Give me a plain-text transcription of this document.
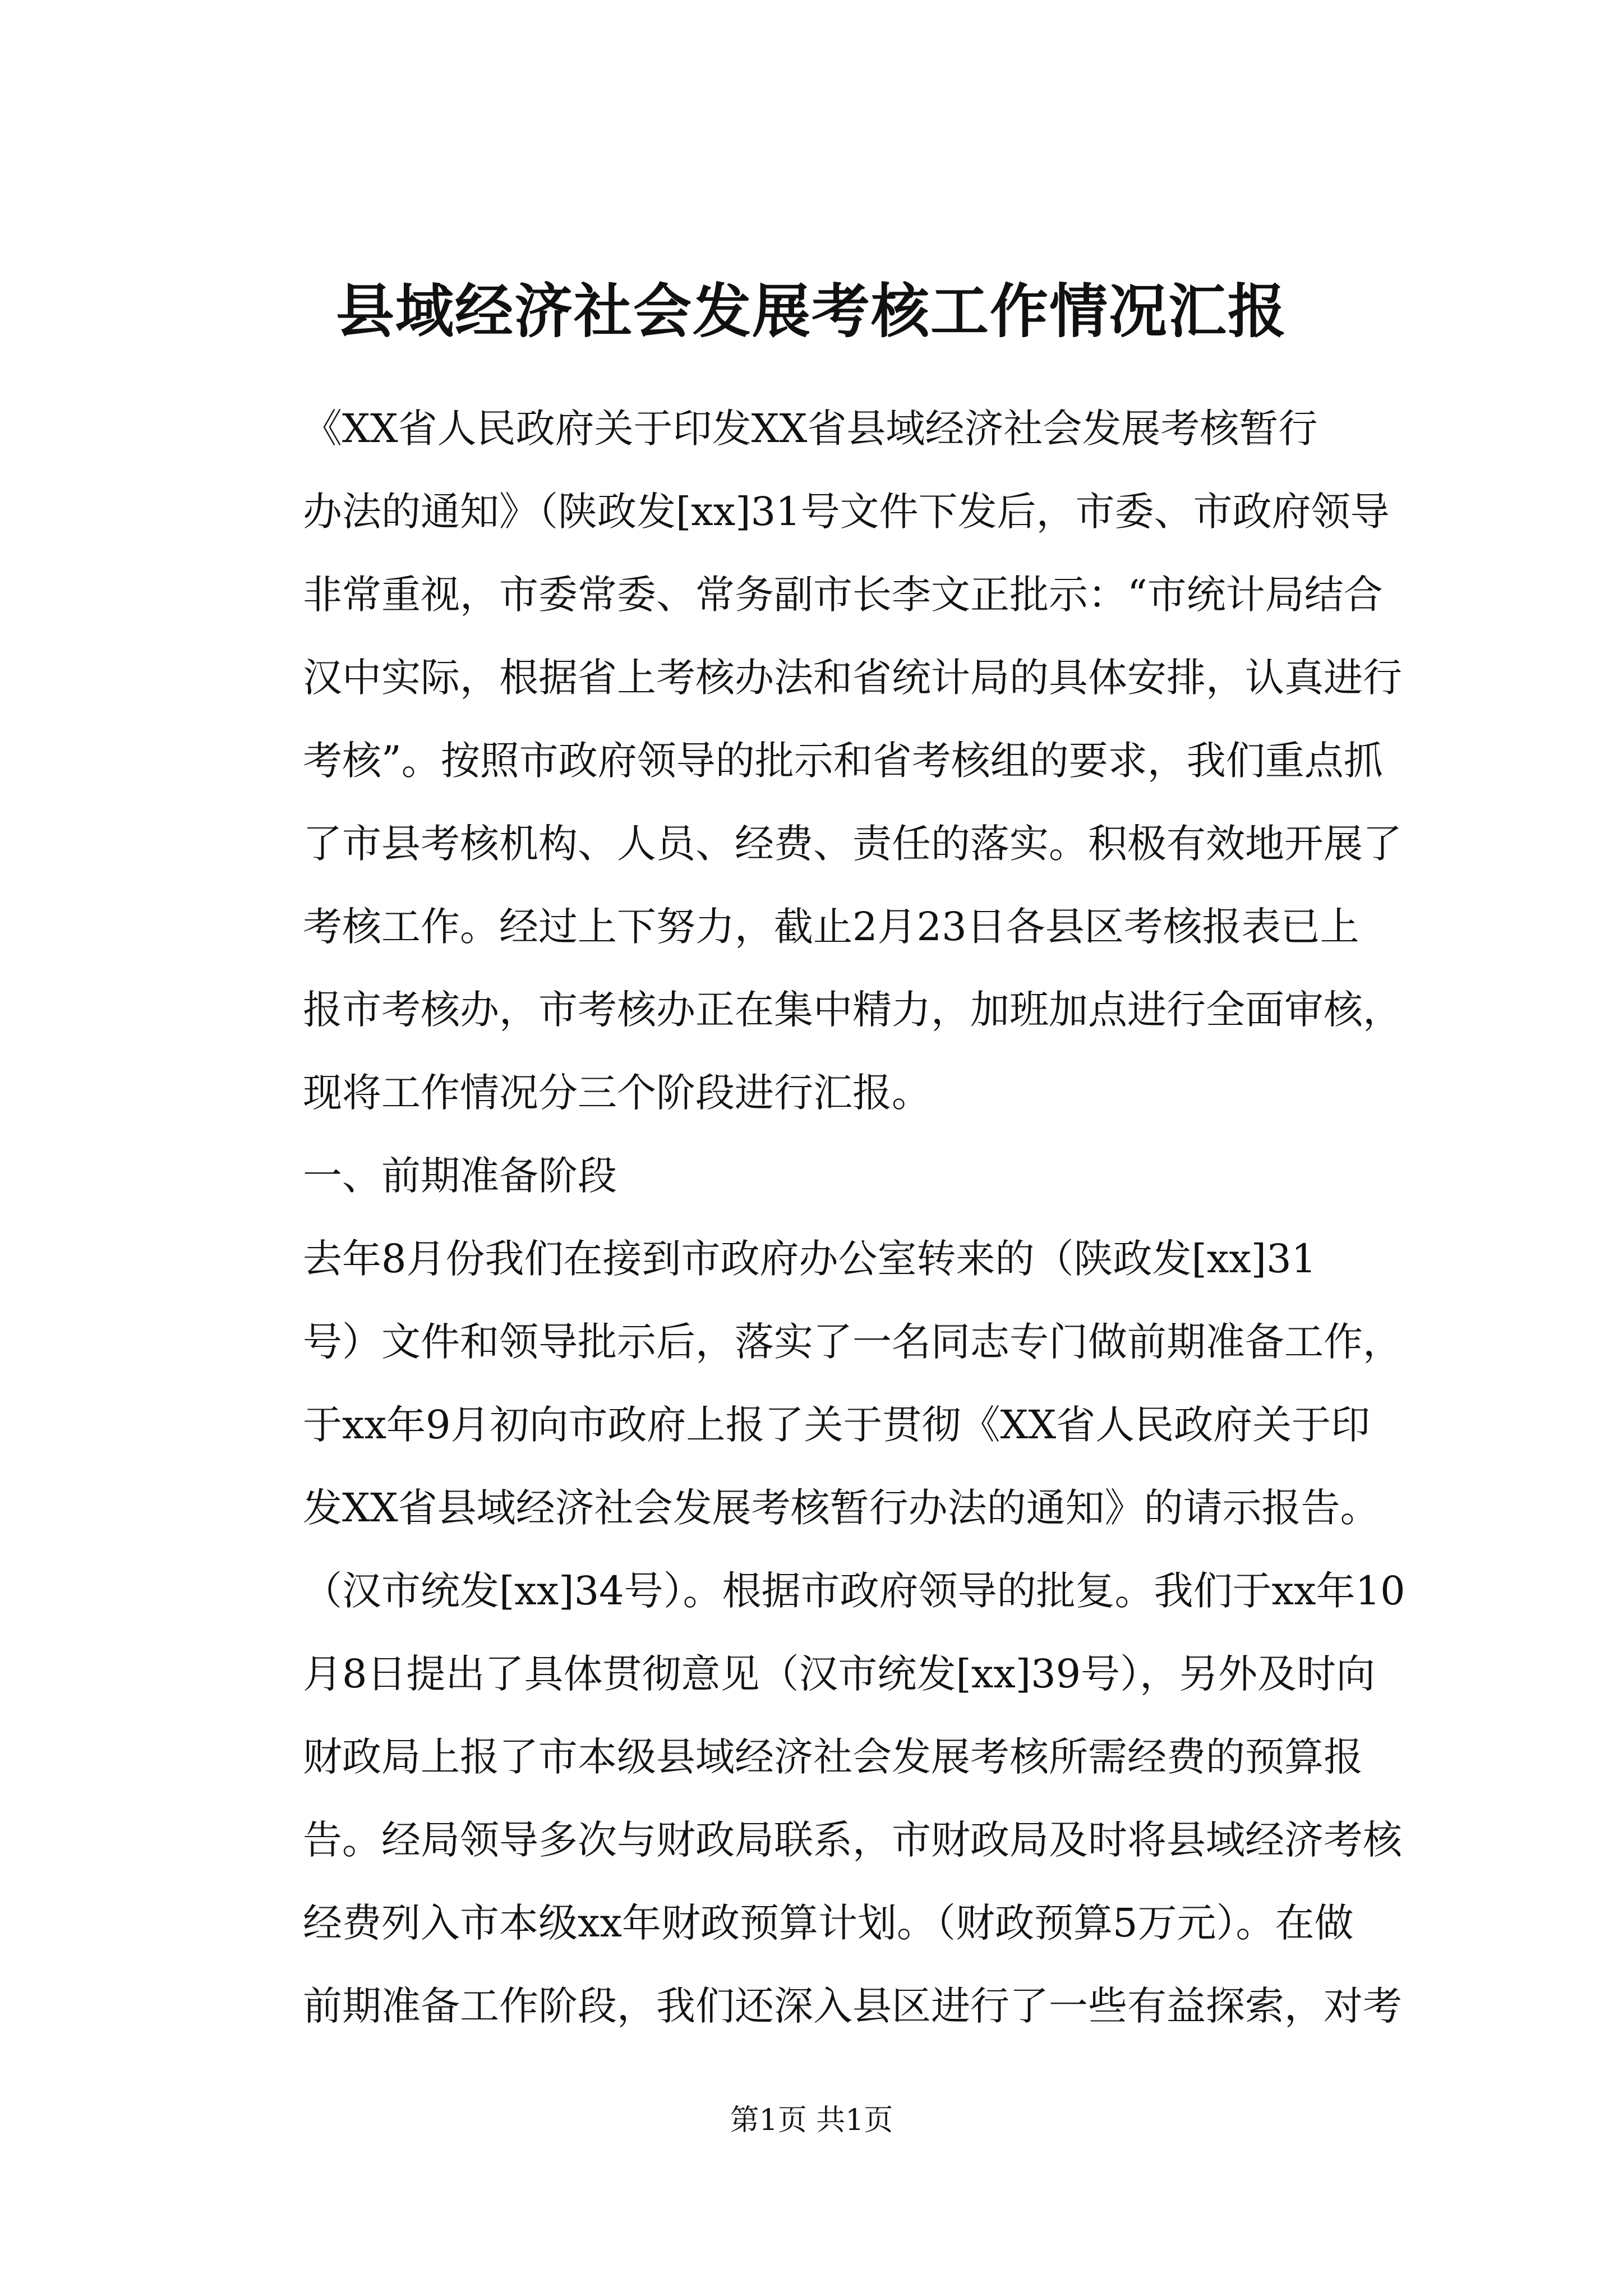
县域经济社会发展考核工作情况汇报

《XX省人民政府关于印发XX省县域经济社会发展考核暂行
办法的通知》（陕政发[xx]31号文件下发后，市委、市政府领导
非常重视，市委常委、常务副市长李文正批示：“市统计局结合
汉中实际，根据省上考核办法和省统计局的具体安排，认真进行
考核”。按照市政府领导的批示和省考核组的要求，我们重点抓
了市县考核机构、人员、经费、责任的落实。积极有效地开展了
考核工作。经过上下努力，截止2月23日各县区考核报表已上
报市考核办，市考核办正在集中精力，加班加点进行全面审核，
现将工作情况分三个阶段进行汇报。

一、前期准备阶段

去年8月份我们在接到市政府办公室转来的（陕政发[xx]31
号）文件和领导批示后，落实了一名同志专门做前期准备工作，
于xx年9月初向市政府上报了关于贯彻《XX省人民政府关于印
发XX省县域经济社会发展考核暂行办法的通知》的请示报告。
（汉市统发[xx]34号）。根据市政府领导的批复。我们于xx年10
月8日提出了具体贯彻意见（汉市统发[xx]39号），另外及时向
财政局上报了市本级县域经济社会发展考核所需经费的预算报
告。经局领导多次与财政局联系，市财政局及时将县域经济考核
经费列入市本级xx年财政预算计划。（财政预算5万元）。在做
前期准备工作阶段，我们还深入县区进行了一些有益探索，对考

第1页 共1页
